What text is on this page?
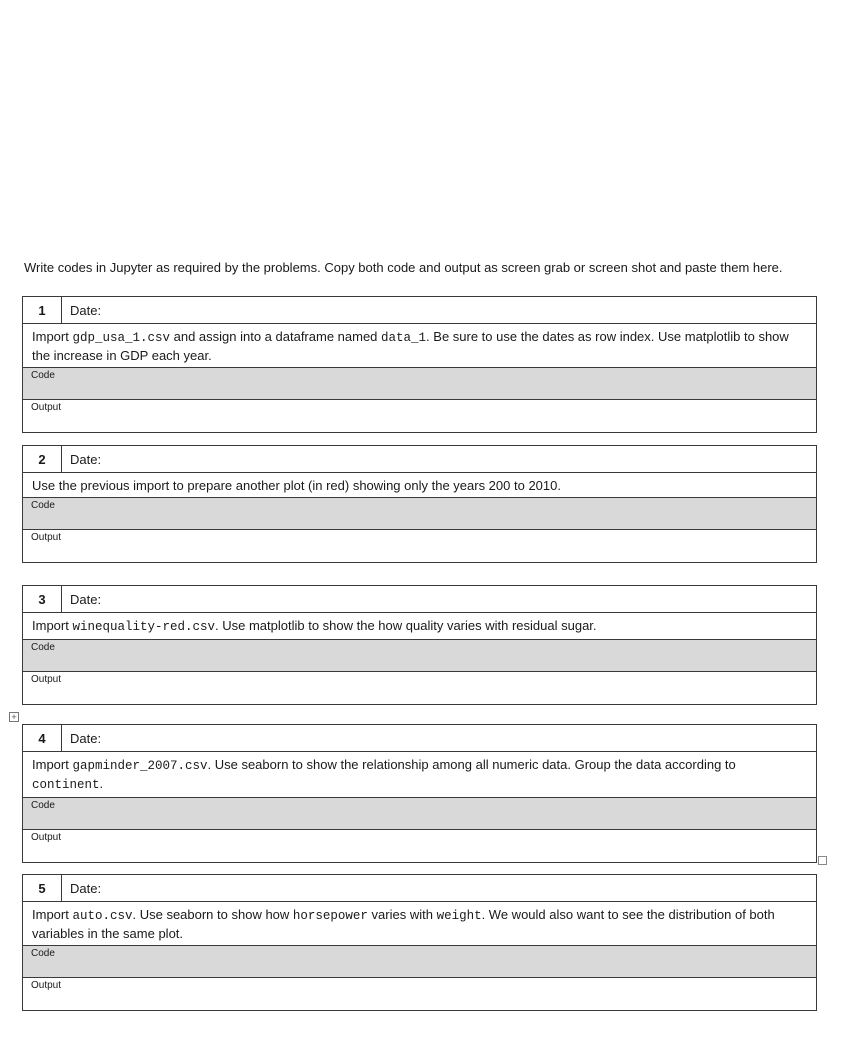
Write codes in Jupyter as required by the problems. Copy both code and output as screen grab or screen shot and paste them here.
+
1	Date:
Import gdp_usa_1.csv and assign into a dataframe named data_1. Be sure to use the dates as row index. Use matplotlib to show the increase in GDP each year.
Code
Output
2	Date:
Use the previous import to prepare another plot (in red) showing only the years 200 to 2010.
Code
Output
3	Date:
Import winequality-red.csv. Use matplotlib to show the how quality varies with residual sugar.
Code
Output
4	Date:
Import gapminder_2007.csv. Use seaborn to show the relationship among all numeric data. Group the data according to continent.
Code
Output
5	Date:
Import auto.csv. Use seaborn to show how horsepower varies with weight. We would also want to see the distribution of both variables in the same plot.
Code
Output
